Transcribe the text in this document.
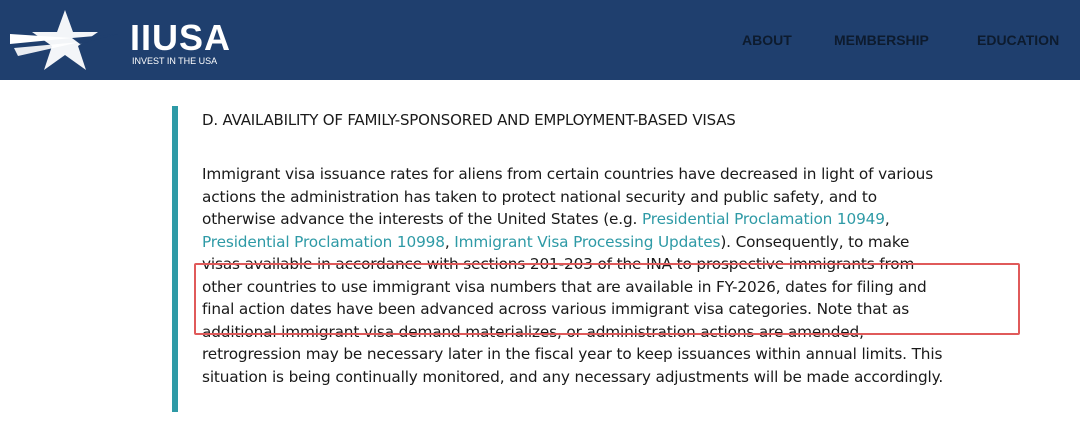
IIUSA
INVEST IN THE USA
ABOUT	MEMBERSHIP	EDUCATION
D. AVAILABILITY OF FAMILY-SPONSORED AND EMPLOYMENT-BASED VISAS
Immigrant visa issuance rates for aliens from certain countries have decreased in light of various
actions the administration has taken to protect national security and public safety, and to
otherwise advance the interests of the United States (e.g. Presidential Proclamation 10949,
Presidential Proclamation 10998, Immigrant Visa Processing Updates). Consequently, to make
visas available in accordance with sections 201-203 of the INA to prospective immigrants from
other countries to use immigrant visa numbers that are available in FY-2026, dates for filing and
final action dates have been advanced across various immigrant visa categories. Note that as
additional immigrant visa demand materializes, or administration actions are amended,
retrogression may be necessary later in the fiscal year to keep issuances within annual limits. This
situation is being continually monitored, and any necessary adjustments will be made accordingly.
